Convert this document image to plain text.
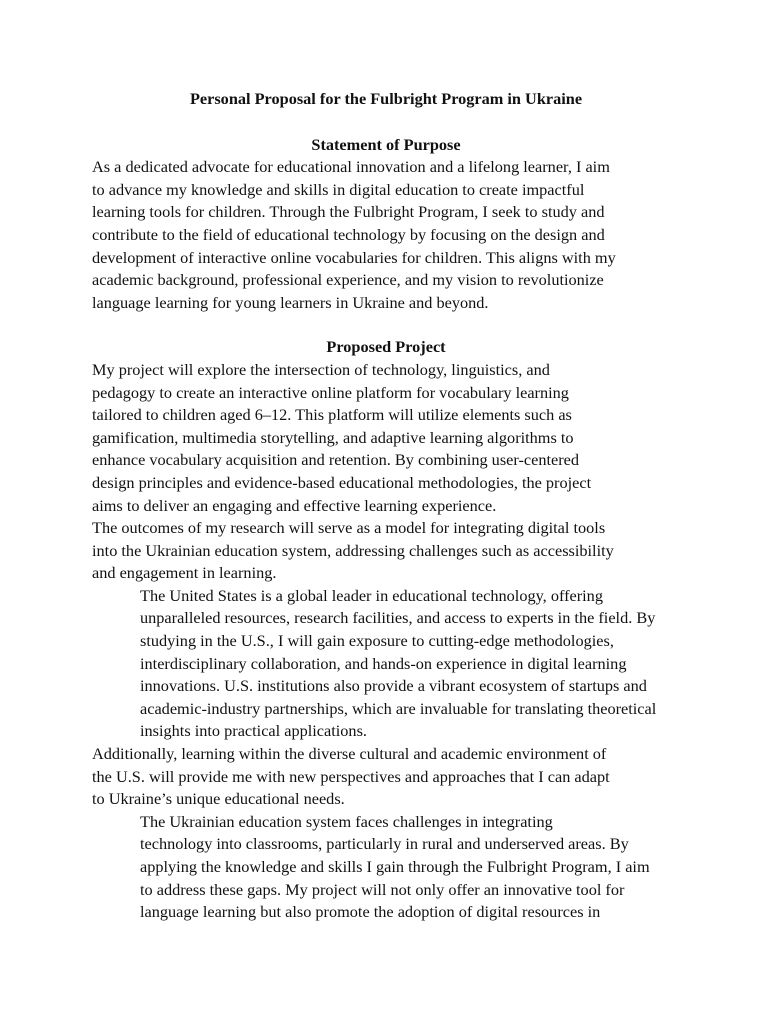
Personal Proposal for the Fulbright Program in Ukraine

Statement of Purpose

As a dedicated advocate for educational innovation and a lifelong learner, I aim
to advance my knowledge and skills in digital education to create impactful
learning tools for children. Through the Fulbright Program, I seek to study and
contribute to the field of educational technology by focusing on the design and
development of interactive online vocabularies for children. This aligns with my
academic background, professional experience, and my vision to revolutionize
language learning for young learners in Ukraine and beyond.

Proposed Project

My project will explore the intersection of technology, linguistics, and
pedagogy to create an interactive online platform for vocabulary learning
tailored to children aged 6–12. This platform will utilize elements such as
gamification, multimedia storytelling, and adaptive learning algorithms to
enhance vocabulary acquisition and retention. By combining user-centered
design principles and evidence-based educational methodologies, the project
aims to deliver an engaging and effective learning experience.

The outcomes of my research will serve as a model for integrating digital tools
into the Ukrainian education system, addressing challenges such as accessibility
and engagement in learning.

The United States is a global leader in educational technology, offering

unparalleled resources, research facilities, and access to experts in the field. By
studying in the U.S., I will gain exposure to cutting-edge methodologies,
interdisciplinary collaboration, and hands-on experience in digital learning
innovations. U.S. institutions also provide a vibrant ecosystem of startups and
academic-industry partnerships, which are invaluable for translating theoretical
insights into practical applications.

Additionally, learning within the diverse cultural and academic environment of
the U.S. will provide me with new perspectives and approaches that I can adapt
to Ukraine’s unique educational needs.

The Ukrainian education system faces challenges in integrating

technology into classrooms, particularly in rural and underserved areas. By
applying the knowledge and skills I gain through the Fulbright Program, I aim
to address these gaps. My project will not only offer an innovative tool for
language learning but also promote the adoption of digital resources in
